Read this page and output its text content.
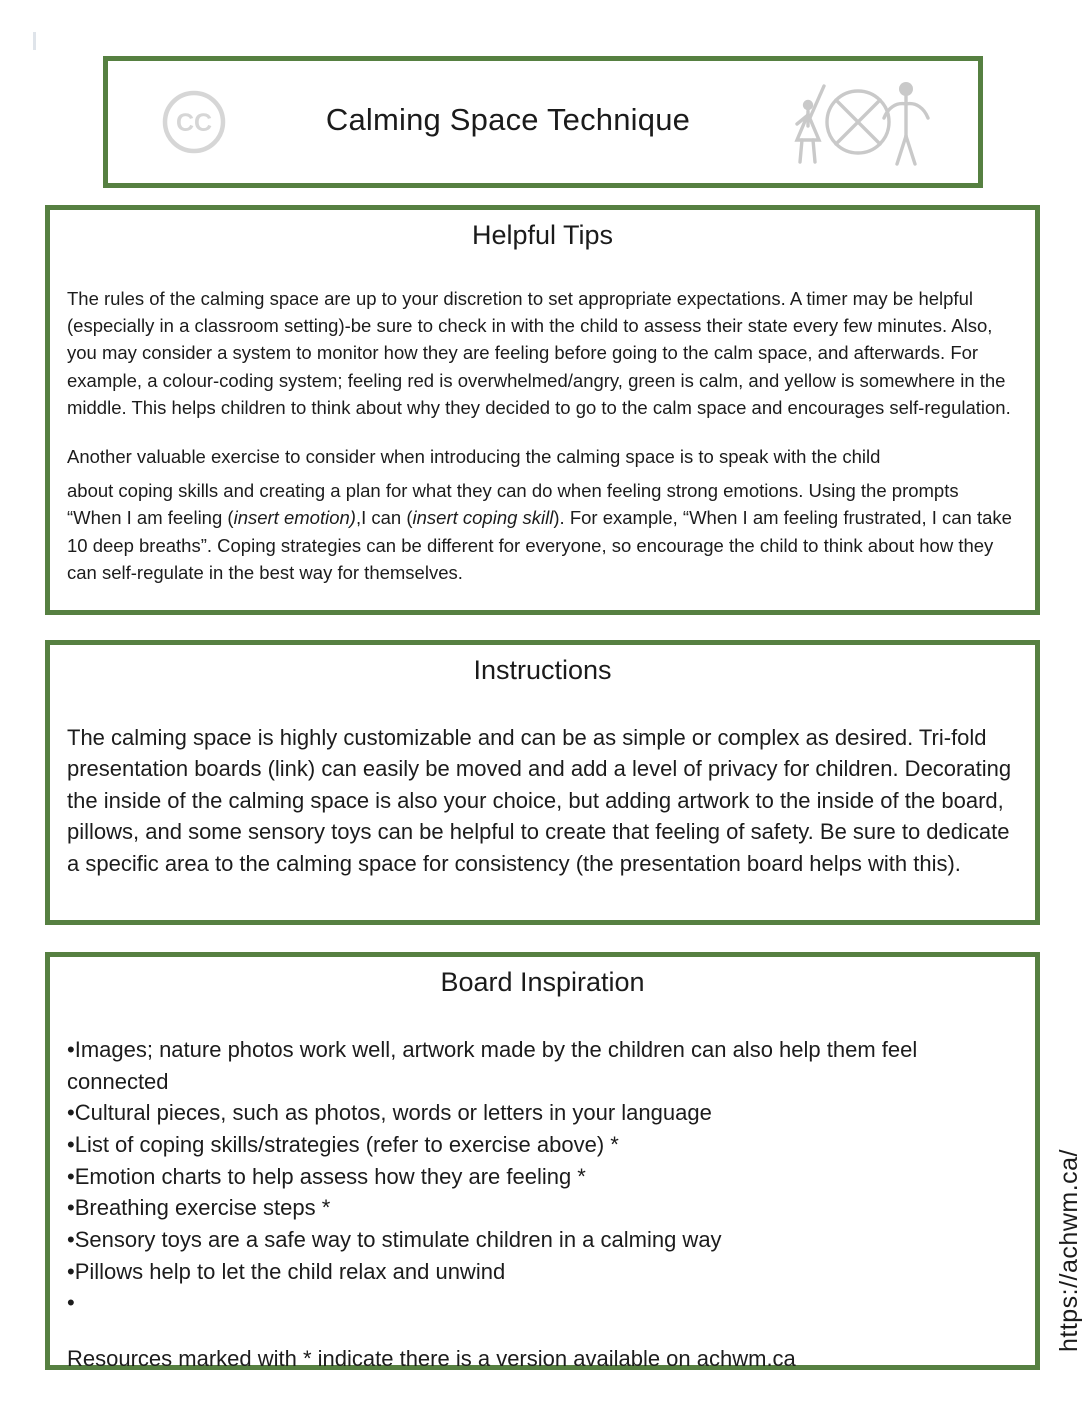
CC	Calming Space Technique
Helpful Tips

The rules of the calming space are up to your discretion to set appropriate expectations. A timer may be helpful (especially in a classroom setting)-be sure to check in with the child to assess their state every few minutes. Also, you may consider a system to monitor how they are feeling before going to the calm space, and afterwards. For example, a colour-coding system; feeling red is overwhelmed/angry, green is calm, and yellow is somewhere in the middle. This helps children to think about why they decided to go to the calm space and encourages self-regulation.

Another valuable exercise to consider when introducing the calming space is to speak with the child
about coping skills and creating a plan for what they can do when feeling strong emotions. Using the prompts “When I am feeling (insert emotion),I can (insert coping skill). For example, “When I am feeling frustrated, I can take 10 deep breaths”. Coping strategies can be different for everyone, so encourage the child to think about how they can self-regulate in the best way for themselves.

Instructions

The calming space is highly customizable and can be as simple or complex as desired. Tri-fold presentation boards (link) can easily be moved and add a level of privacy for children. Decorating the inside of the calming space is also your choice, but adding artwork to the inside of the board, pillows, and some sensory toys can be helpful to create that feeling of safety. Be sure to dedicate a specific area to the calming space for consistency (the presentation board helps with this).

Board Inspiration
•Images; nature photos work well, artwork made by the children can also help them feel connected
•Cultural pieces, such as photos, words or letters in your language
•List of coping skills/strategies (refer to exercise above) *
•Emotion charts to help assess how they are feeling *
•Breathing exercise steps *
•Sensory toys are a safe way to stimulate children in a calming way
•Pillows help to let the child relax and unwind
•
Resources marked with * indicate there is a version available on achwm.ca
https://achwm.ca/
